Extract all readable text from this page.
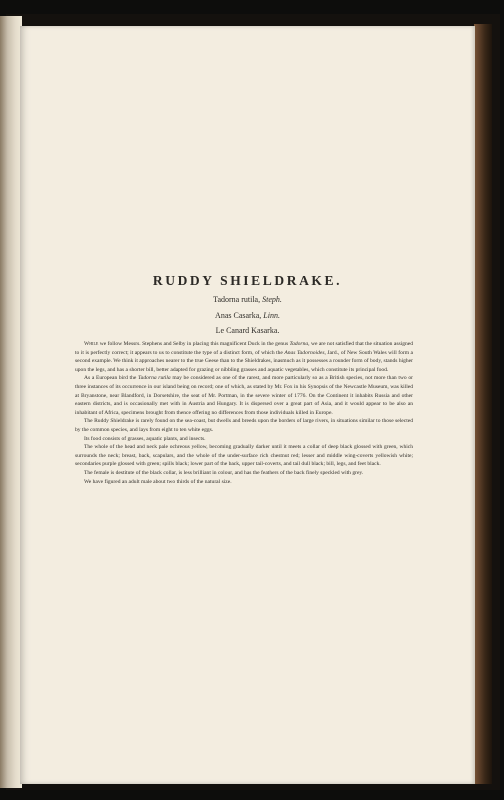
RUDDY SHIELDRAKE.
Tadorna rutila, Steph.
Anas Casarka, Linn.
Le Canard Kasarka.

While we follow Messrs. Stephens and Selby in placing this magnificent Duck in the genus Tadorna, we are not satisfied that the situation assigned to it is perfectly correct; it appears to us to constitute the type of a distinct form, of which the Anas Tadornoides, Jard., of New South Wales will form a second example. We think it approaches nearer to the true Geese than to the Shieldrakes, inasmuch as it possesses a rounder form of body, stands higher upon the legs, and has a shorter bill, better adapted for grazing or nibbling grasses and aquatic vegetables, which constitute its principal food.

As a European bird the Tadorna rutila may be considered as one of the rarest, and more particularly so as a British species, not more than two or three instances of its occurrence in our island being on record; one of which, as stated by Mr. Fox in his Synopsis of the Newcastle Museum, was killed at Bryanstone, near Blandford, in Dorsetshire, the seat of Mr. Portman, in the severe winter of 1776. On the Continent it inhabits Russia and other eastern districts, and is occasionally met with in Austria and Hungary. It is dispersed over a great part of Asia, and it would appear to be also an inhabitant of Africa, specimens brought from thence offering no differences from those individuals killed in Europe.

The Ruddy Shieldrake is rarely found on the sea-coast, but dwells and breeds upon the borders of large rivers, in situations similar to those selected by the common species, and lays from eight to ten white eggs.

Its food consists of grasses, aquatic plants, and insects.

The whole of the head and neck pale ochreous yellow, becoming gradually darker until it meets a collar of deep black glossed with green, which surrounds the neck; breast, back, scapulars, and the whole of the under-surface rich chestnut red; lesser and middle wing-coverts yellowish white; secondaries purple glossed with green; spills black; lower part of the back, upper tail-coverts, and tail dull black; bill, legs, and feet black.

The female is destitute of the black collar, is less brilliant in colour, and has the feathers of the back finely speckled with grey.

We have figured an adult male about two thirds of the natural size.
